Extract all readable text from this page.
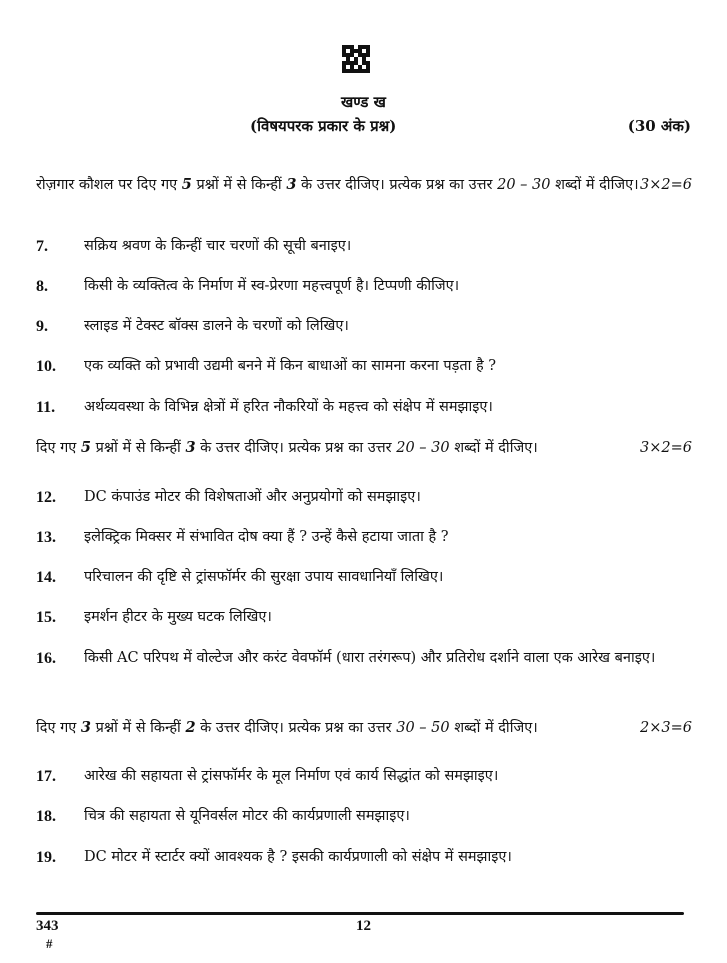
खण्ड ख
(विषयपरक प्रकार के प्रश्न)	(30 अंक)
रोज़गार कौशल पर दिए गए 5 प्रश्नों में से किन्हीं 3 के उत्तर दीजिए। प्रत्येक प्रश्न का उत्तर 20 – 30 शब्दों में दीजिए। 3×2=6
7. सक्रिय श्रवण के किन्हीं चार चरणों की सूची बनाइए।
8. किसी के व्यक्तित्व के निर्माण में स्व-प्रेरणा महत्त्वपूर्ण है। टिप्पणी कीजिए।
9. स्लाइड में टेक्स्ट बॉक्स डालने के चरणों को लिखिए।
10. एक व्यक्ति को प्रभावी उद्यमी बनने में किन बाधाओं का सामना करना पड़ता है ?
11. अर्थव्यवस्था के विभिन्न क्षेत्रों में हरित नौकरियों के महत्त्व को संक्षेप में समझाइए।
दिए गए 5 प्रश्नों में से किन्हीं 3 के उत्तर दीजिए। प्रत्येक प्रश्न का उत्तर 20 – 30 शब्दों में दीजिए।	3×2=6
12. DC कंपाउंड मोटर की विशेषताओं और अनुप्रयोगों को समझाइए।
13. इलेक्ट्रिक मिक्सर में संभावित दोष क्या हैं ? उन्हें कैसे हटाया जाता है ?
14. परिचालन की दृष्टि से ट्रांसफॉर्मर की सुरक्षा उपाय सावधानियाँ लिखिए।
15. इमर्शन हीटर के मुख्य घटक लिखिए।
16. किसी AC परिपथ में वोल्टेज और करंट वेवफॉर्म (धारा तरंगरूप) और प्रतिरोध दर्शाने वाला एक आरेख बनाइए।
दिए गए 3 प्रश्नों में से किन्हीं 2 के उत्तर दीजिए। प्रत्येक प्रश्न का उत्तर 30 – 50 शब्दों में दीजिए।	2×3=6
17. आरेख की सहायता से ट्रांसफॉर्मर के मूल निर्माण एवं कार्य सिद्धांत को समझाइए।
18. चित्र की सहायता से यूनिवर्सल मोटर की कार्यप्रणाली समझाइए।
19. DC मोटर में स्टार्टर क्यों आवश्यक है ? इसकी कार्यप्रणाली को संक्षेप में समझाइए।
343
#
12
